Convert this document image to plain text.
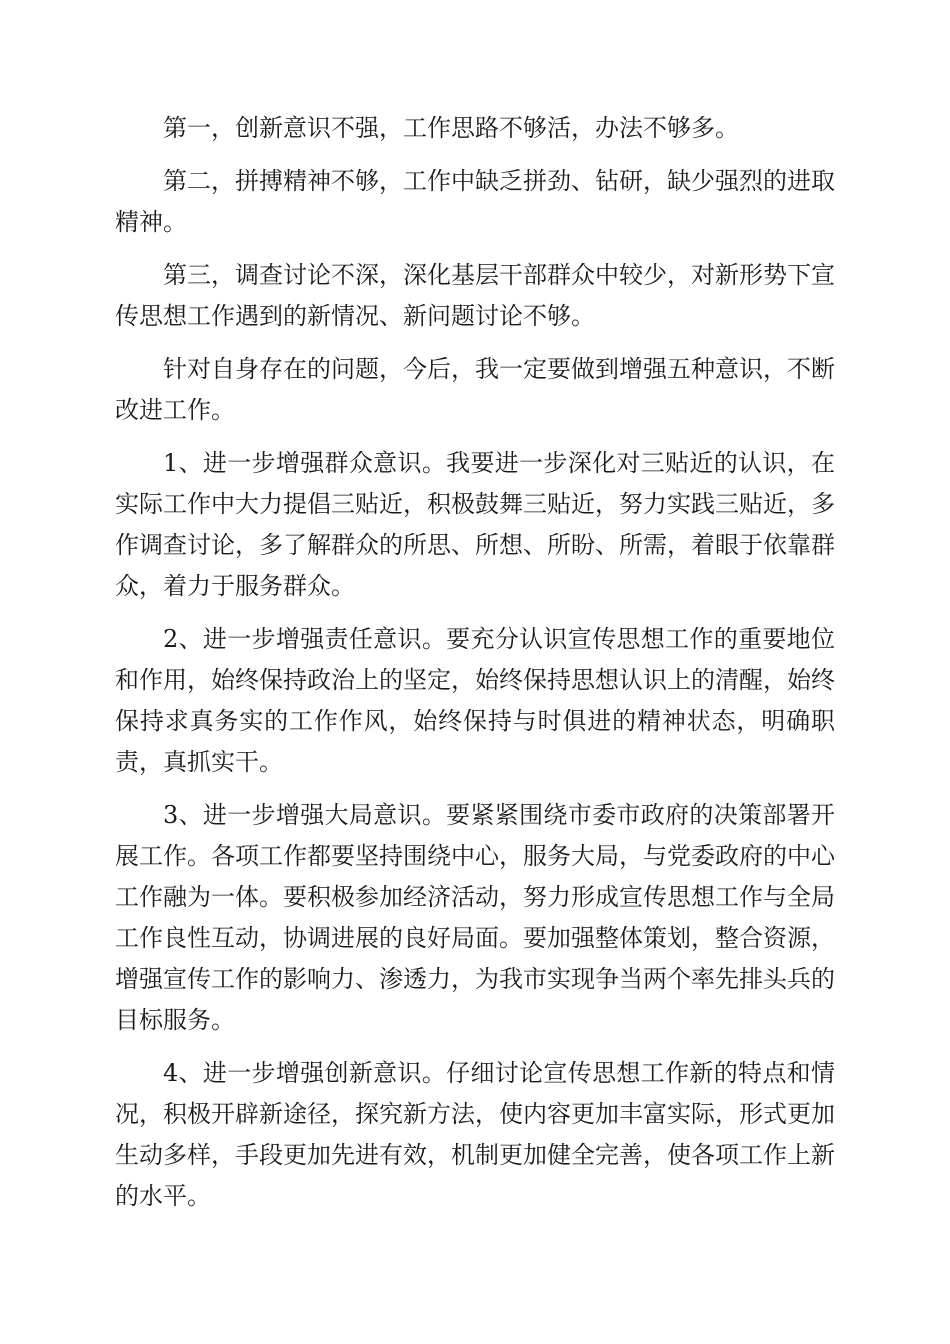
第一，创新意识不强，工作思路不够活，办法不够多。

第二，拼搏精神不够，工作中缺乏拼劲、钻研，缺少强烈的进取精神。

第三，调查讨论不深，深化基层干部群众中较少，对新形势下宣传思想工作遇到的新情况、新问题讨论不够。

针对自身存在的问题，今后，我一定要做到增强五种意识，不断改进工作。

1、进一步增强群众意识。我要进一步深化对三贴近的认识，在实际工作中大力提倡三贴近，积极鼓舞三贴近，努力实践三贴近，多作调查讨论，多了解群众的所思、所想、所盼、所需，着眼于依靠群众，着力于服务群众。

2、进一步增强责任意识。要充分认识宣传思想工作的重要地位和作用，始终保持政治上的坚定，始终保持思想认识上的清醒，始终保持求真务实的工作作风，始终保持与时俱进的精神状态，明确职责，真抓实干。

3、进一步增强大局意识。要紧紧围绕市委市政府的决策部署开展工作。各项工作都要坚持围绕中心，服务大局，与党委政府的中心工作融为一体。要积极参加经济活动，努力形成宣传思想工作与全局工作良性互动，协调进展的良好局面。要加强整体策划，整合资源，增强宣传工作的影响力、渗透力，为我市实现争当两个率先排头兵的目标服务。

4、进一步增强创新意识。仔细讨论宣传思想工作新的特点和情况，积极开辟新途径，探究新方法，使内容更加丰富实际，形式更加生动多样，手段更加先进有效，机制更加健全完善，使各项工作上新的水平。
